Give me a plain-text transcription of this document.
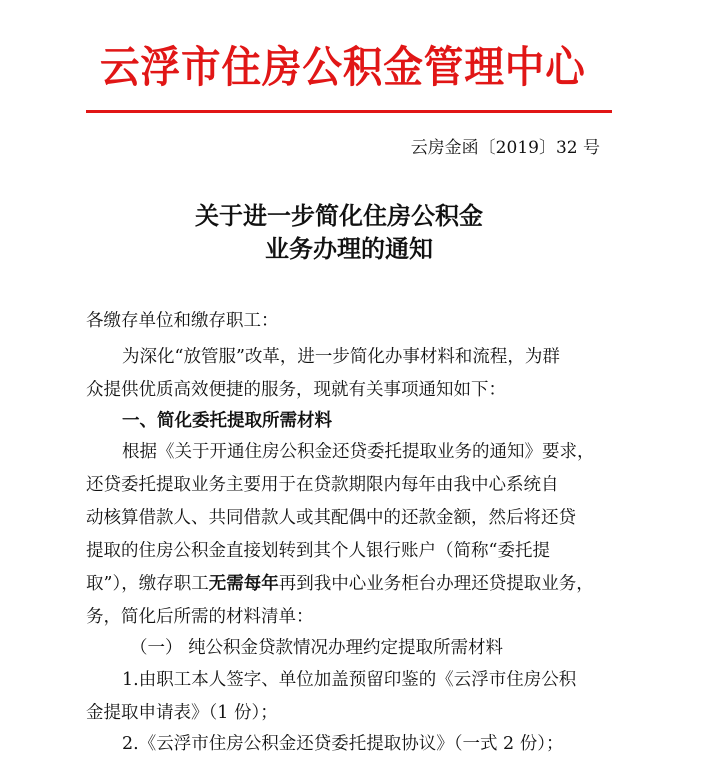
云浮市住房公积金管理中心
云房金函〔2019〕32 号
关于进一步简化住房公积金
业务办理的通知
各缴存单位和缴存职工：
为深化“放管服”改革，进一步简化办事材料和流程，为群
众提供优质高效便捷的服务，现就有关事项通知如下：
一、简化委托提取所需材料
根据《关于开通住房公积金还贷委托提取业务的通知》要求，
还贷委托提取业务主要用于在贷款期限内每年由我中心系统自
动核算借款人、共同借款人或其配偶中的还款金额，然后将还贷
提取的住房公积金直接划转到其个人银行账户（简称“委托提
取”），缴存职工无需每年再到我中心业务柜台办理还贷提取业务，
务，简化后所需的材料清单：
（一） 纯公积金贷款情况办理约定提取所需材料
1.由职工本人签字、单位加盖预留印鉴的《云浮市住房公积
金提取申请表》（1 份）；
2.《云浮市住房公积金还贷委托提取协议》（一式 2 份）；
